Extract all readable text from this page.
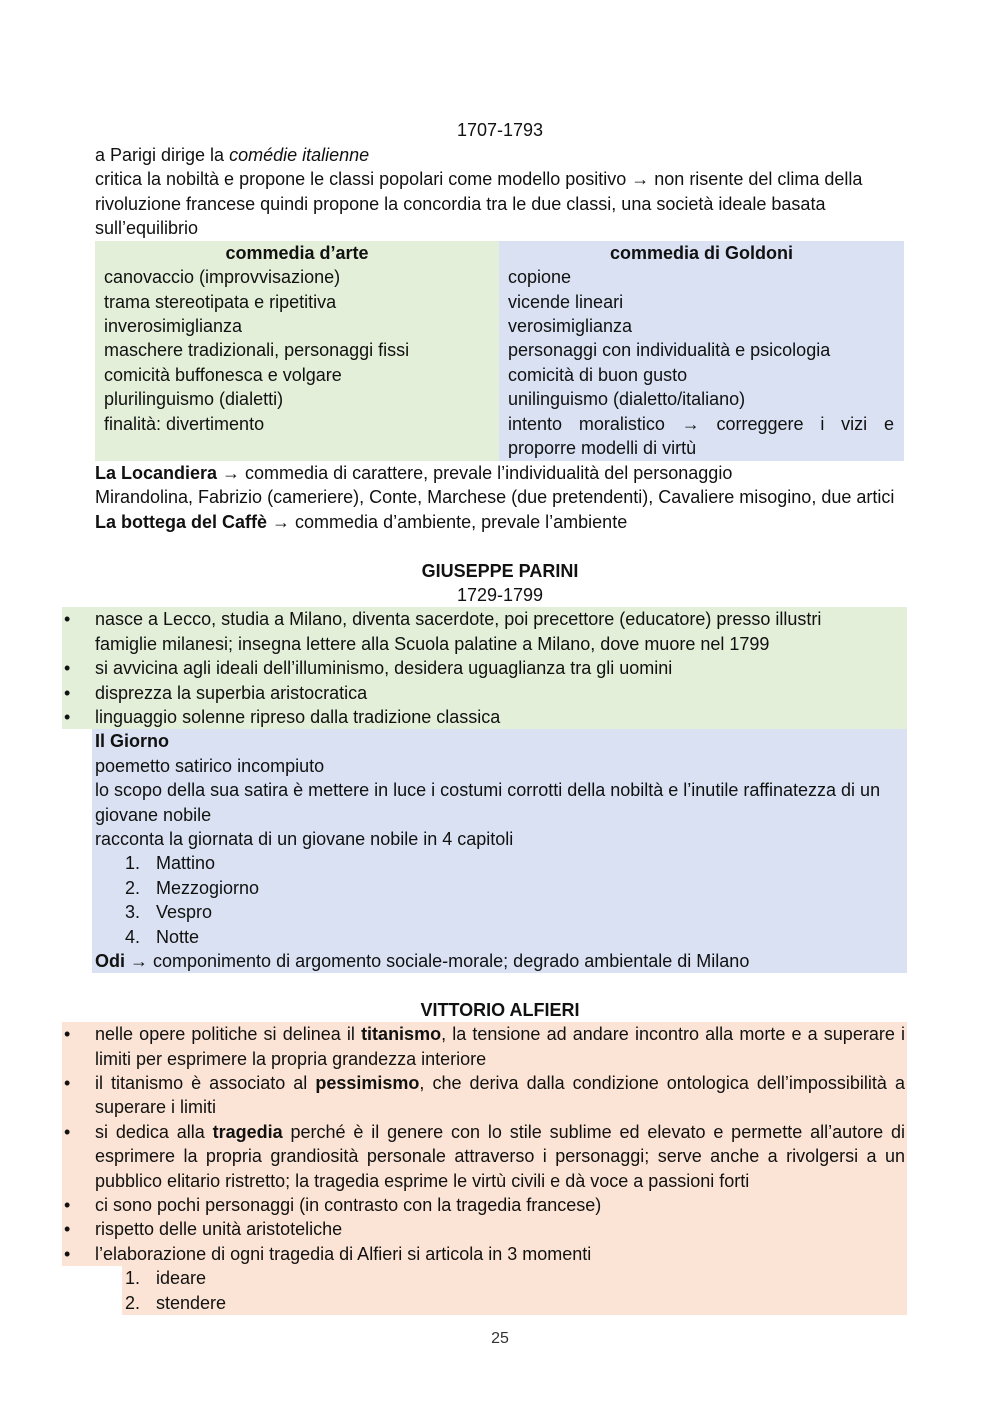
1707-1793
a Parigi dirige la comédie italienne
critica la nobiltà e propone le classi popolari come modello positivo → non risente del clima della
rivoluzione francese quindi propone la concordia tra le due classi, una società ideale basata
sull’equilibrio
commedia d’arte	commedia di Goldoni
canovaccio (improvvisazione)
trama stereotipata e ripetitiva
inverosimiglianza
maschere tradizionali, personaggi fissi
comicità buffonesca e volgare
plurilinguismo (dialetti)
finalità: divertimento
copione
vicende lineari
verosimiglianza
personaggi con individualità e psicologia
comicità di buon gusto
unilinguismo (dialetto/italiano)
intento moralistico → correggere i vizi e
proporre modelli di virtù
La Locandiera → commedia di carattere, prevale l’individualità del personaggio
Mirandolina, Fabrizio (cameriere), Conte, Marchese (due pretendenti), Cavaliere misogino, due artici
La bottega del Caffè → commedia d’ambiente, prevale l’ambiente
GIUSEPPE PARINI
1729-1799
• nasce a Lecco, studia a Milano, diventa sacerdote, poi precettore (educatore) presso illustri
famiglie milanesi; insegna lettere alla Scuola palatine a Milano, dove muore nel 1799
• si avvicina agli ideali dell’illuminismo, desidera uguaglianza tra gli uomini
• disprezza la superbia aristocratica
• linguaggio solenne ripreso dalla tradizione classica
Il Giorno
poemetto satirico incompiuto
lo scopo della sua satira è mettere in luce i costumi corrotti della nobiltà e l’inutile raffinatezza di un
giovane nobile
racconta la giornata di un giovane nobile in 4 capitoli
1. Mattino
2. Mezzogiorno
3. Vespro
4. Notte
Odi → componimento di argomento sociale-morale; degrado ambientale di Milano
VITTORIO ALFIERI
• nelle opere politiche si delinea il titanismo, la tensione ad andare incontro alla morte e a superare i
limiti per esprimere la propria grandezza interiore
• il titanismo è associato al pessimismo, che deriva dalla condizione ontologica dell’impossibilità a
superare i limiti
• si dedica alla tragedia perché è il genere con lo stile sublime ed elevato e permette all’autore di
esprimere la propria grandiosità personale attraverso i personaggi; serve anche a rivolgersi a un
pubblico elitario ristretto; la tragedia esprime le virtù civili e dà voce a passioni forti
• ci sono pochi personaggi (in contrasto con la tragedia francese)
• rispetto delle unità aristoteliche
• l’elaborazione di ogni tragedia di Alfieri si articola in 3 momenti
1. ideare
2. stendere
25
